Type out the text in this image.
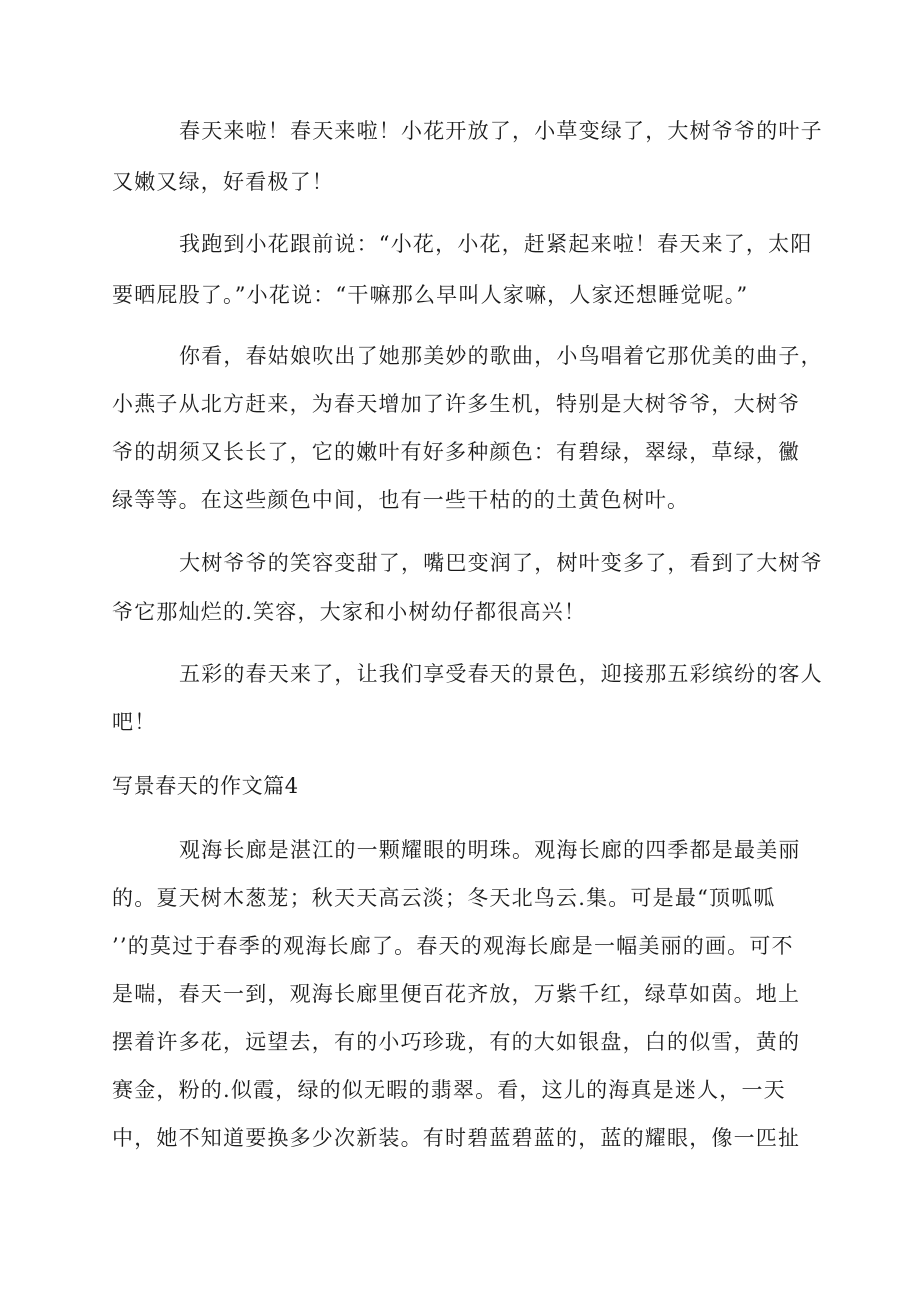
春天来啦！春天来啦！小花开放了，小草变绿了，大树爷爷的叶子
又嫩又绿，好看极了！
我跑到小花跟前说：“小花，小花，赶紧起来啦！春天来了，太阳
要晒屁股了。”小花说：“干嘛那么早叫人家嘛，人家还想睡觉呢。”
你看，春姑娘吹出了她那美妙的歌曲，小鸟唱着它那优美的曲子，
小燕子从北方赶来，为春天增加了许多生机，特别是大树爷爷，大树爷
爷的胡须又长长了，它的嫩叶有好多种颜色：有碧绿，翠绿，草绿，黴
绿等等。在这些颜色中间，也有一些干枯的的土黄色树叶。
大树爷爷的笑容变甜了，嘴巴变润了，树叶变多了，看到了大树爷
爷它那灿烂的.笑容，大家和小树幼仔都很高兴！
五彩的春天来了，让我们享受春天的景色，迎接那五彩缤纷的客人
吧！
写景春天的作文篇4
观海长廊是湛江的一颗耀眼的明珠。观海长廊的四季都是最美丽
的。夏天树木葱茏；秋天天高云淡；冬天北鸟云.集。可是最“顶呱呱
’’的莫过于春季的观海长廊了。春天的观海长廊是一幅美丽的画。可不
是喘，春天一到，观海长廊里便百花齐放，万紫千红，绿草如茵。地上
摆着许多花，远望去，有的小巧珍珑，有的大如银盘，白的似雪，黄的
赛金，粉的.似霞，绿的似无暇的翡翠。看，这儿的海真是迷人，一天
中，她不知道要换多少次新装。有时碧蓝碧蓝的，蓝的耀眼，像一匹扯
